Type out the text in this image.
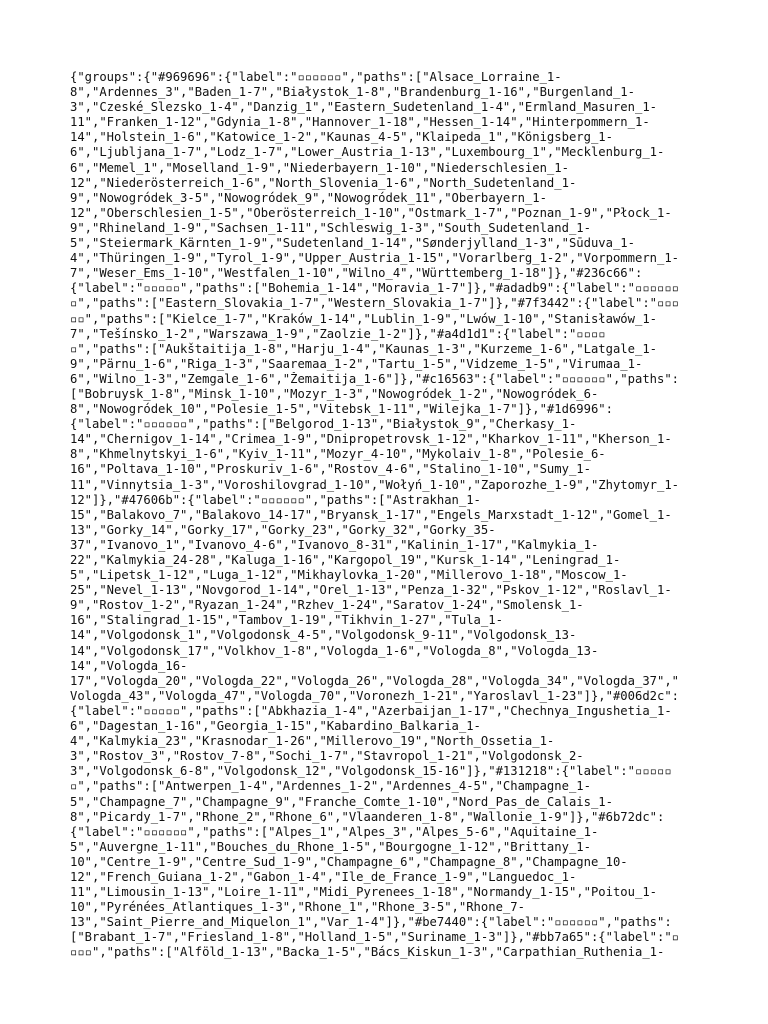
{"groups":{"#969696":{"label":"▫▫▫▫▫▫","paths":["Alsace_Lorraine_1-
8","Ardennes_3","Baden_1-7","Białystok_1-8","Brandenburg_1-16","Burgenland_1-
3","Czeské_Slezsko_1-4","Danzig_1","Eastern_Sudetenland_1-4","Ermland_Masuren_1-
11","Franken_1-12","Gdynia_1-8","Hannover_1-18","Hessen_1-14","Hinterpommern_1-
14","Holstein_1-6","Katowice_1-2","Kaunas_4-5","Klaipeda_1","Königsberg_1-
6","Ljubljana_1-7","Lodz_1-7","Lower_Austria_1-13","Luxembourg_1","Mecklenburg_1-
6","Memel_1","Moselland_1-9","Niederbayern_1-10","Niederschlesien_1-
12","Niederösterreich_1-6","North_Slovenia_1-6","North_Sudetenland_1-
9","Nowogródek_3-5","Nowogródek_9","Nowogródek_11","Oberbayern_1-
12","Oberschlesien_1-5","Oberösterreich_1-10","Ostmark_1-7","Poznan_1-9","Płock_1-
9","Rhineland_1-9","Sachsen_1-11","Schleswig_1-3","South_Sudetenland_1-
5","Steiermark_Kärnten_1-9","Sudetenland_1-14","Sønderjylland_1-3","Sūduva_1-
4","Thüringen_1-9","Tyrol_1-9","Upper_Austria_1-15","Vorarlberg_1-2","Vorpommern_1-
7","Weser_Ems_1-10","Westfalen_1-10","Wilno_4","Württemberg_1-18"]},"#236c66":
{"label":"▫▫▫▫▫","paths":["Bohemia_1-14","Moravia_1-7"]},"#adadb9":{"label":"▫▫▫▫▫▫
▫","paths":["Eastern_Slovakia_1-7","Western_Slovakia_1-7"]},"#7f3442":{"label":"▫▫▫
▫▫","paths":["Kielce_1-7","Kraków_1-14","Lublin_1-9","Lwów_1-10","Stanisławów_1-
7","Tešínsko_1-2","Warszawa_1-9","Zaolzie_1-2"]},"#a4d1d1":{"label":"▫▫▫▫
▫","paths":["Aukštaitija_1-8","Harju_1-4","Kaunas_1-3","Kurzeme_1-6","Latgale_1-
9","Pärnu_1-6","Riga_1-3","Saaremaa_1-2","Tartu_1-5","Vidzeme_1-5","Virumaa_1-
6","Wilno_1-3","Zemgale_1-6","Žemaitija_1-6"]},"#c16563":{"label":"▫▫▫▫▫▫","paths":
["Bobruysk_1-8","Minsk_1-10","Mozyr_1-3","Nowogródek_1-2","Nowogródek_6-
8","Nowogródek_10","Polesie_1-5","Vitebsk_1-11","Wilejka_1-7"]},"#1d6996":
{"label":"▫▫▫▫▫▫","paths":["Belgorod_1-13","Białystok_9","Cherkasy_1-
14","Chernigov_1-14","Crimea_1-9","Dnipropetrovsk_1-12","Kharkov_1-11","Kherson_1-
8","Khmelnytskyi_1-6","Kyiv_1-11","Mozyr_4-10","Mykolaiv_1-8","Polesie_6-
16","Poltava_1-10","Proskuriv_1-6","Rostov_4-6","Stalino_1-10","Sumy_1-
11","Vinnytsia_1-3","Voroshilovgrad_1-10","Wołyń_1-10","Zaporozhe_1-9","Zhytomyr_1-
12"]},"#47606b":{"label":"▫▫▫▫▫▫","paths":["Astrakhan_1-
15","Balakovo_7","Balakovo_14-17","Bryansk_1-17","Engels_Marxstadt_1-12","Gomel_1-
13","Gorky_14","Gorky_17","Gorky_23","Gorky_32","Gorky_35-
37","Ivanovo_1","Ivanovo_4-6","Ivanovo_8-31","Kalinin_1-17","Kalmykia_1-
22","Kalmykia_24-28","Kaluga_1-16","Kargopol_19","Kursk_1-14","Leningrad_1-
5","Lipetsk_1-12","Luga_1-12","Mikhaylovka_1-20","Millerovo_1-18","Moscow_1-
25","Nevel_1-13","Novgorod_1-14","Orel_1-13","Penza_1-32","Pskov_1-12","Roslavl_1-
9","Rostov_1-2","Ryazan_1-24","Rzhev_1-24","Saratov_1-24","Smolensk_1-
16","Stalingrad_1-15","Tambov_1-19","Tikhvin_1-27","Tula_1-
14","Volgodonsk_1","Volgodonsk_4-5","Volgodonsk_9-11","Volgodonsk_13-
14","Volgodonsk_17","Volkhov_1-8","Vologda_1-6","Vologda_8","Vologda_13-
14","Vologda_16-
17","Vologda_20","Vologda_22","Vologda_26","Vologda_28","Vologda_34","Vologda_37","
Vologda_43","Vologda_47","Vologda_70","Voronezh_1-21","Yaroslavl_1-23"]},"#006d2c":
{"label":"▫▫▫▫▫","paths":["Abkhazia_1-4","Azerbaijan_1-17","Chechnya_Ingushetia_1-
6","Dagestan_1-16","Georgia_1-15","Kabardino_Balkaria_1-
4","Kalmykia_23","Krasnodar_1-26","Millerovo_19","North_Ossetia_1-
3","Rostov_3","Rostov_7-8","Sochi_1-7","Stavropol_1-21","Volgodonsk_2-
3","Volgodonsk_6-8","Volgodonsk_12","Volgodonsk_15-16"]},"#131218":{"label":"▫▫▫▫▫
▫","paths":["Antwerpen_1-4","Ardennes_1-2","Ardennes_4-5","Champagne_1-
5","Champagne_7","Champagne_9","Franche_Comte_1-10","Nord_Pas_de_Calais_1-
8","Picardy_1-7","Rhone_2","Rhone_6","Vlaanderen_1-8","Wallonie_1-9"]},"#6b72dc":
{"label":"▫▫▫▫▫▫","paths":["Alpes_1","Alpes_3","Alpes_5-6","Aquitaine_1-
5","Auvergne_1-11","Bouches_du_Rhone_1-5","Bourgogne_1-12","Brittany_1-
10","Centre_1-9","Centre_Sud_1-9","Champagne_6","Champagne_8","Champagne_10-
12","French_Guiana_1-2","Gabon_1-4","Ile_de_France_1-9","Languedoc_1-
11","Limousin_1-13","Loire_1-11","Midi_Pyrenees_1-18","Normandy_1-15","Poitou_1-
10","Pyrénées_Atlantiques_1-3","Rhone_1","Rhone_3-5","Rhone_7-
13","Saint_Pierre_and_Miquelon_1","Var_1-4"]},"#be7440":{"label":"▫▫▫▫▫▫","paths":
["Brabant_1-7","Friesland_1-8","Holland_1-5","Suriname_1-3"]},"#bb7a65":{"label":"▫
▫▫▫","paths":["Alföld_1-13","Backa_1-5","Bács_Kiskun_1-3","Carpathian_Ruthenia_1-
